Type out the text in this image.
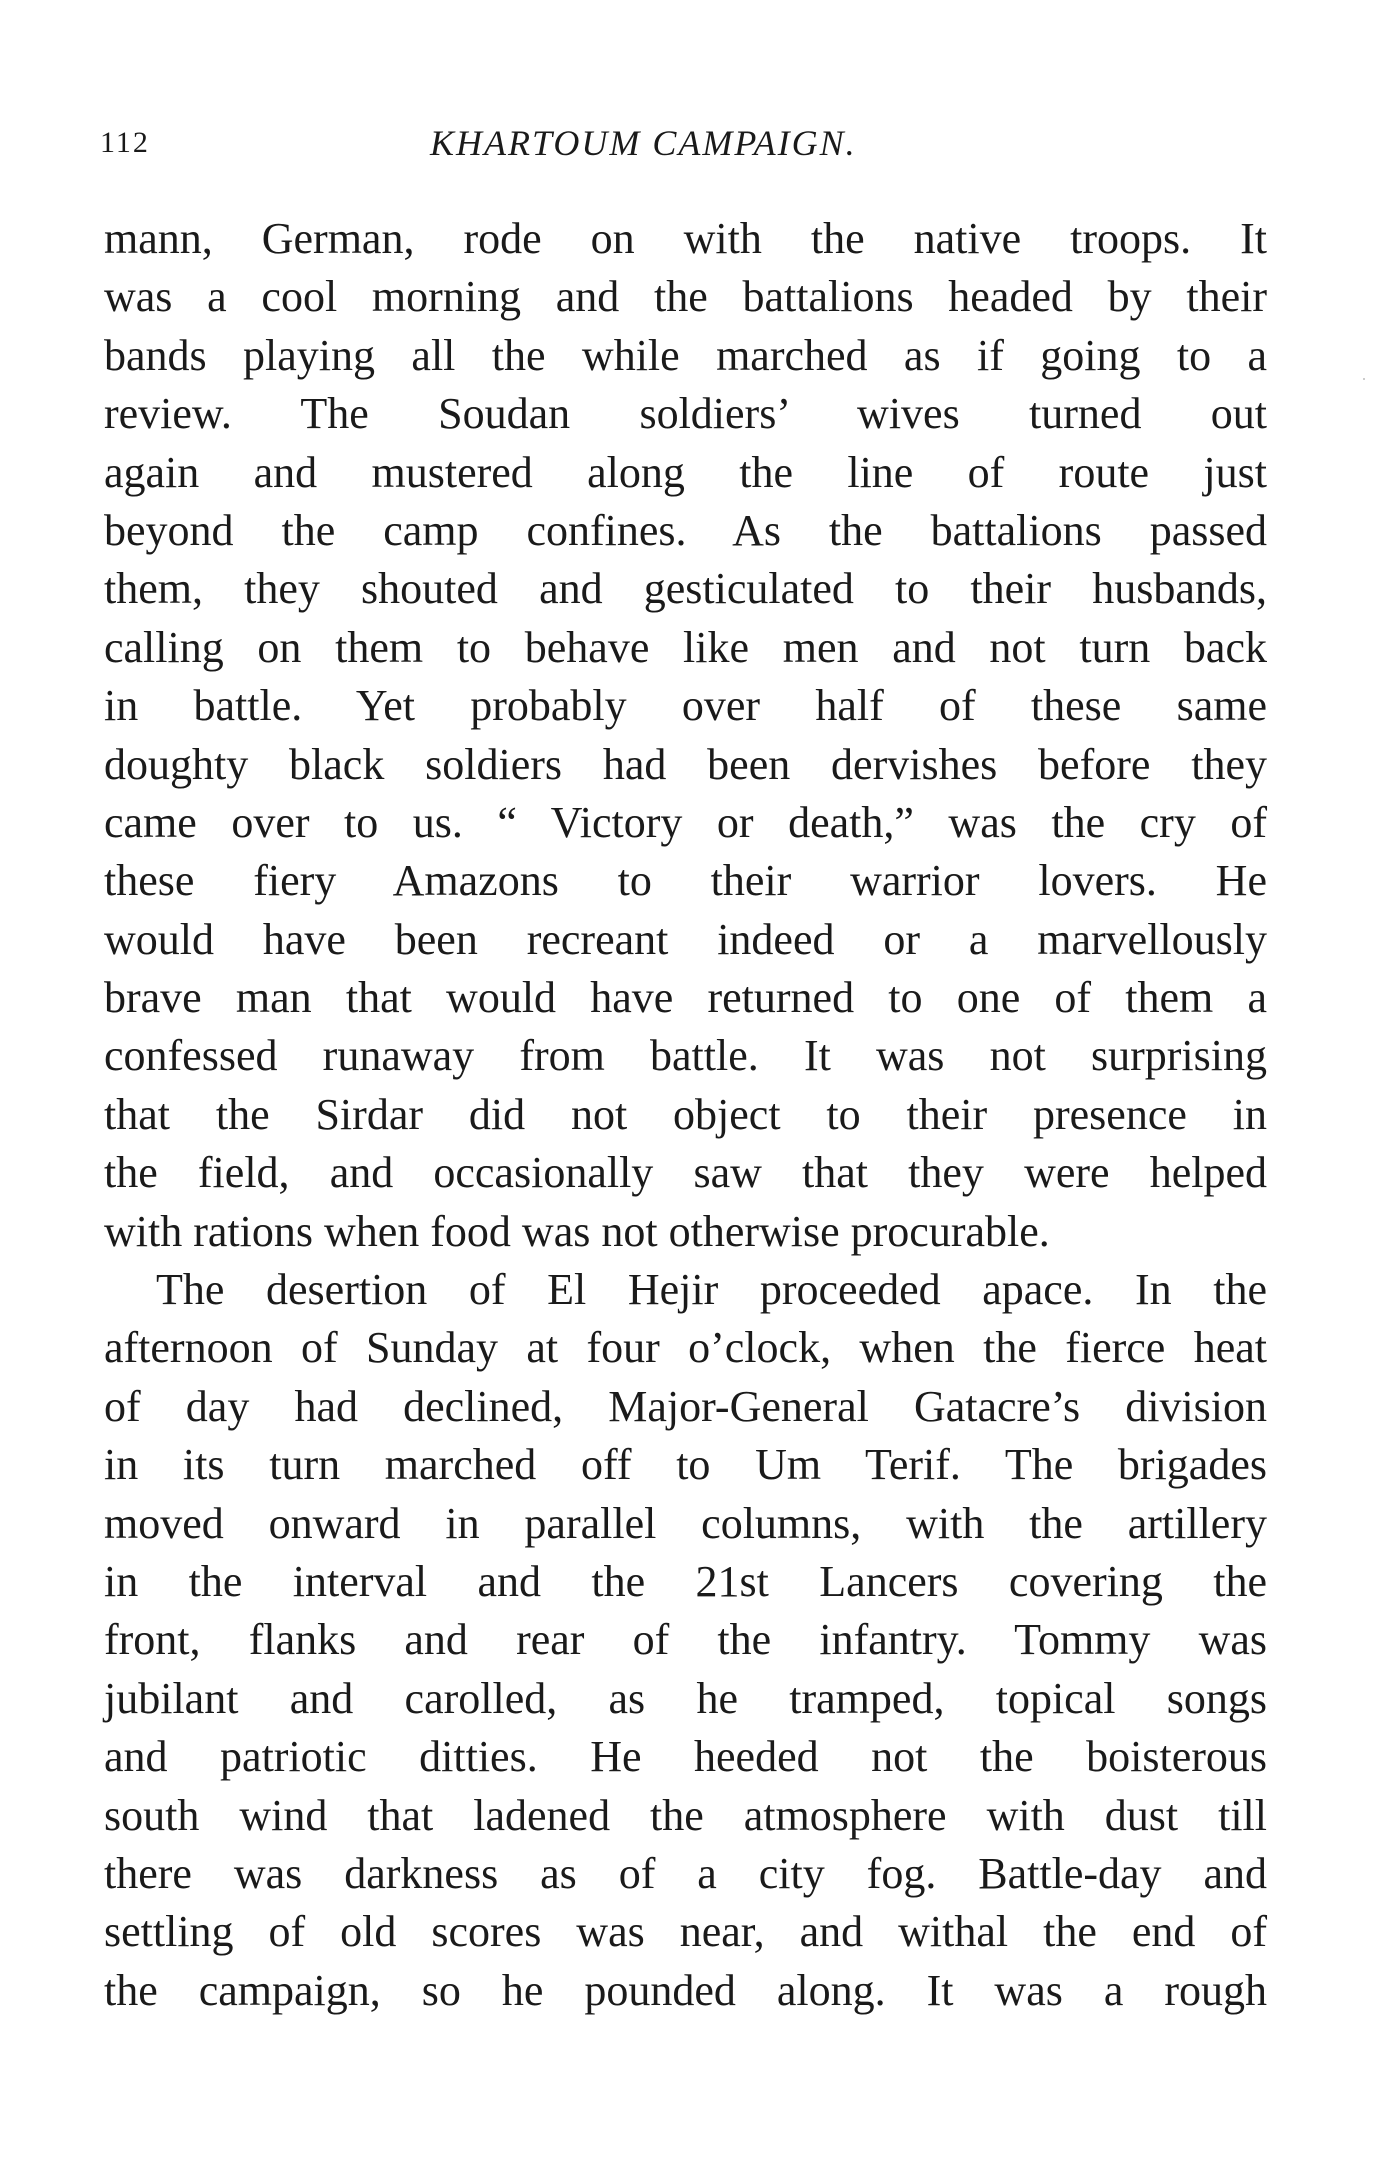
112	KHARTOUM CAMPAIGN.
mann, German, rode on with the native troops. It
was a cool morning and the battalions headed by their
bands playing all the while marched as if going to a
review. The Soudan soldiers’ wives turned out
again and mustered along the line of route just
beyond the camp confines. As the battalions passed
them, they shouted and gesticulated to their husbands,
calling on them to behave like men and not turn back
in battle. Yet probably over half of these same
doughty black soldiers had been dervishes before they
came over to us. “ Victory or death,” was the cry of
these fiery Amazons to their warrior lovers. He
would have been recreant indeed or a marvellously
brave man that would have returned to one of them a
confessed runaway from battle. It was not surprising
that the Sirdar did not object to their presence in
the field, and occasionally saw that they were helped
with rations when food was not otherwise procurable.
The desertion of El Hejir proceeded apace. In the
afternoon of Sunday at four o’clock, when the fierce heat
of day had declined, Major-General Gatacre’s division
in its turn marched off to Um Terif. The brigades
moved onward in parallel columns, with the artillery
in the interval and the 21st Lancers covering the
front, flanks and rear of the infantry. Tommy was
jubilant and carolled, as he tramped, topical songs
and patriotic ditties. He heeded not the boisterous
south wind that ladened the atmosphere with dust till
there was darkness as of a city fog. Battle-day and
settling of old scores was near, and withal the end of
the campaign, so he pounded along. It was a rough
